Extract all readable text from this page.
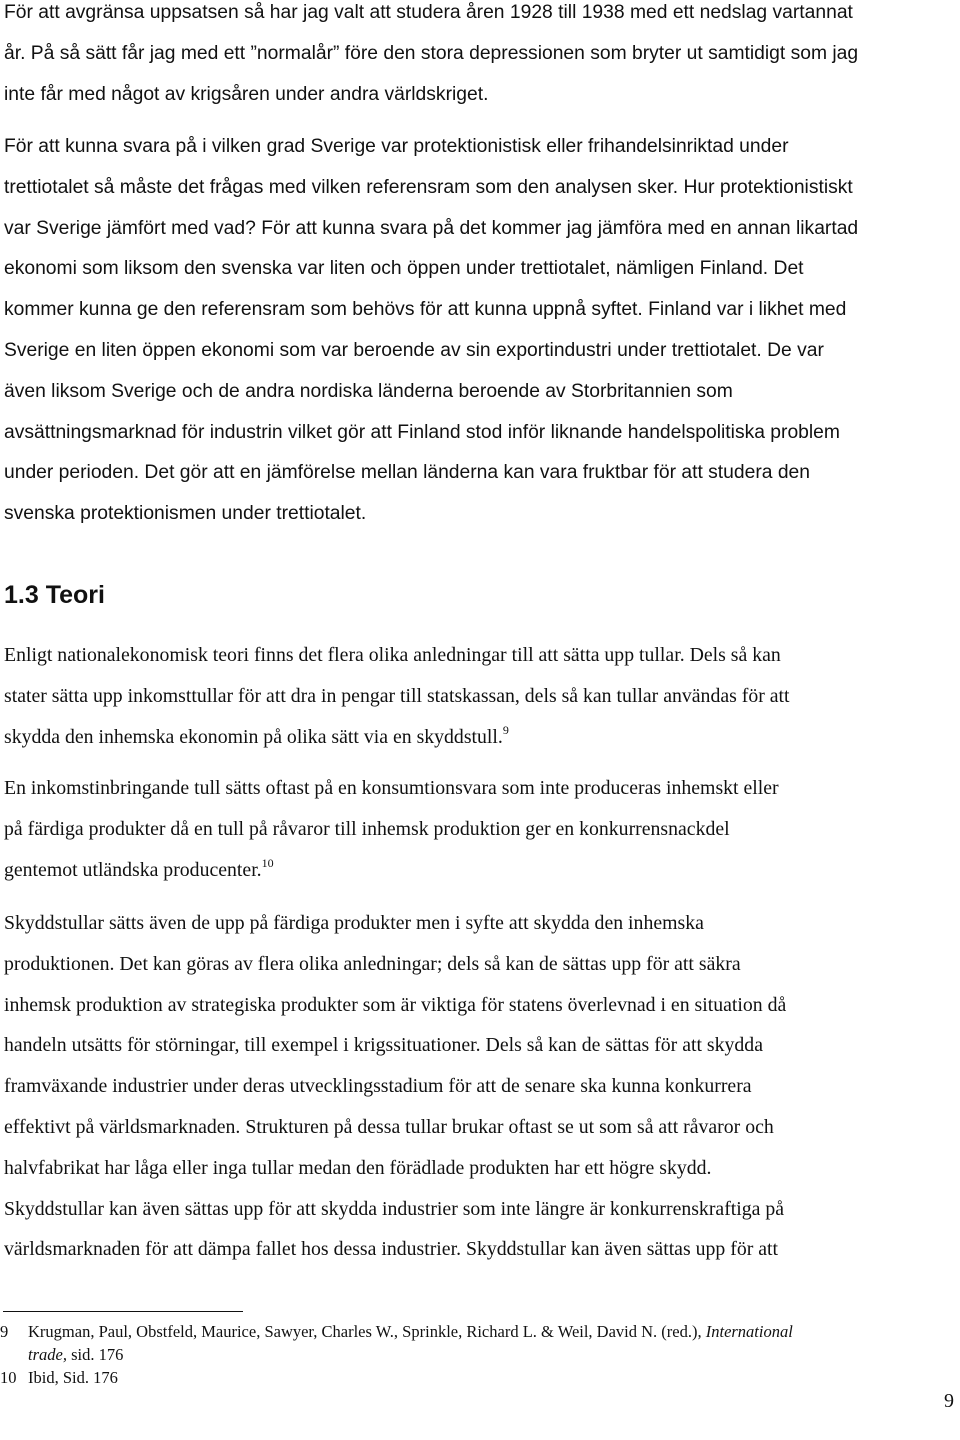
För att avgränsa uppsatsen så har jag valt att studera åren 1928 till 1938 med ett nedslag vartannat
år. På så sätt får jag med ett ”normalår” före den stora depressionen som bryter ut samtidigt som jag
inte får med något av krigsåren under andra världskriget.

För att kunna svara på i vilken grad Sverige var protektionistisk eller frihandelsinriktad under
trettiotalet så måste det frågas med vilken referensram som den analysen sker. Hur protektionistiskt
var Sverige jämfört med vad? För att kunna svara på det kommer jag jämföra med en annan likartad
ekonomi som liksom den svenska var liten och öppen under trettiotalet, nämligen Finland. Det
kommer kunna ge den referensram som behövs för att kunna uppnå syftet. Finland var i likhet med
Sverige en liten öppen ekonomi som var beroende av sin exportindustri under trettiotalet. De var
även liksom Sverige och de andra nordiska länderna beroende av Storbritannien som
avsättningsmarknad för industrin vilket gör att Finland stod inför liknande handelspolitiska problem
under perioden. Det gör att en jämförelse mellan länderna kan vara fruktbar för att studera den
svenska protektionismen under trettiotalet.

1.3 Teori

Enligt nationalekonomisk teori finns det flera olika anledningar till att sätta upp tullar. Dels så kan
stater sätta upp inkomsttullar för att dra in pengar till statskassan, dels så kan tullar användas för att
skydda den inhemska ekonomin på olika sätt via en skyddstull.$^9$

En inkomstinbringande tull sätts oftast på en konsumtionsvara som inte produceras inhemskt eller
på färdiga produkter då en tull på råvaror till inhemsk produktion ger en konkurrensnackdel
gentemot utländska producenter.$^{10}$

Skyddstullar sätts även de upp på färdiga produkter men i syfte att skydda den inhemska
produktionen. Det kan göras av flera olika anledningar; dels så kan de sättas upp för att säkra
inhemsk produktion av strategiska produkter som är viktiga för statens överlevnad i en situation då
handeln utsätts för störningar, till exempel i krigssituationer. Dels så kan de sättas för att skydda
framväxande industrier under deras utvecklingsstadium för att de senare ska kunna konkurrera
effektivt på världsmarknaden. Strukturen på dessa tullar brukar oftast se ut som så att råvaror och
halvfabrikat har låga eller inga tullar medan den förädlade produkten har ett högre skydd.
Skyddstullar kan även sättas upp för att skydda industrier som inte längre är konkurrenskraftiga på
världsmarknaden för att dämpa fallet hos dessa industrier. Skyddstullar kan även sättas upp för att

9 Krugman, Paul, Obstfeld, Maurice, Sawyer, Charles W., Sprinkle, Richard L. & Weil, David N. (red.), International
trade, sid. 176
10 Ibid, Sid. 176
9
